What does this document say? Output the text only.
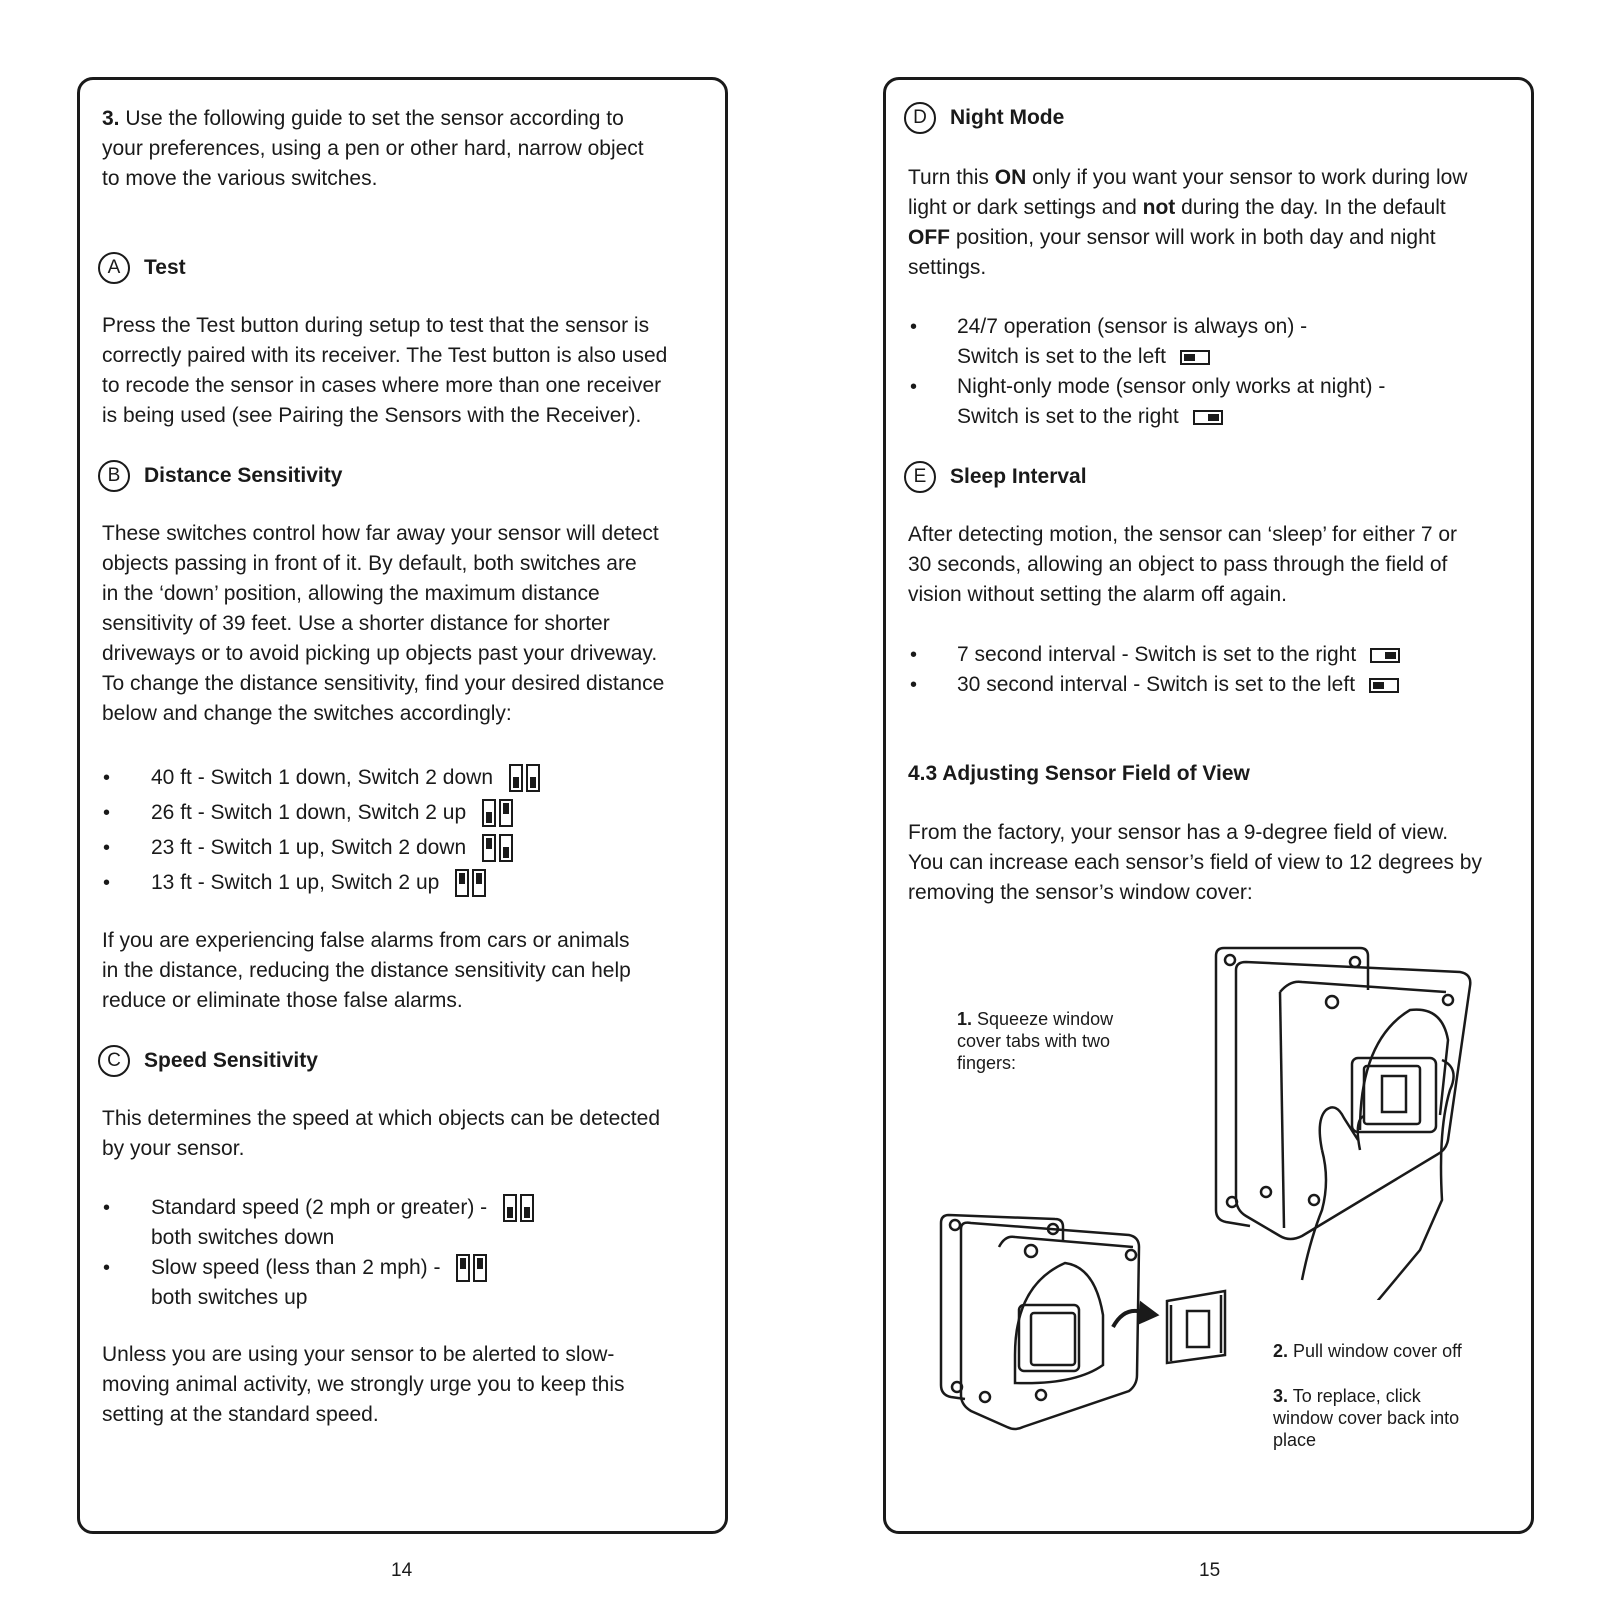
3. Use the following guide to set the sensor according to
your preferences, using a pen or other hard, narrow object
to move the various switches.
A	Test
Press the Test button during setup to test that the sensor is
correctly paired with its receiver. The Test button is also used
to recode the sensor in cases where more than one receiver
is being used (see Pairing the Sensors with the Receiver).
B	Distance Sensitivity
These switches control how far away your sensor will detect
objects passing in front of it. By default, both switches are
in the ‘down’ position, allowing the maximum distance
sensitivity of 39 feet. Use a shorter distance for shorter
driveways or to avoid picking up objects past your driveway.
To change the distance sensitivity, find your desired distance
below and change the switches accordingly:
• 40 ft - Switch 1 down, Switch 2 down
• 26 ft - Switch 1 down, Switch 2 up
• 23 ft - Switch 1 up, Switch 2 down
• 13 ft - Switch 1 up, Switch 2 up
If you are experiencing false alarms from cars or animals
in the distance, reducing the distance sensitivity can help
reduce or eliminate those false alarms.
C	Speed Sensitivity
This determines the speed at which objects can be detected
by your sensor.
• Standard speed (2 mph or greater) -
both switches down
• Slow speed (less than 2 mph) -
both switches up
Unless you are using your sensor to be alerted to slow-
moving animal activity, we strongly urge you to keep this
setting at the standard speed.
14
D	Night Mode
Turn this ON only if you want your sensor to work during low
light or dark settings and not during the day. In the default
OFF position, your sensor will work in both day and night
settings.
• 24/7 operation (sensor is always on) -
Switch is set to the left
• Night-only mode (sensor only works at night) -
Switch is set to the right
E	Sleep Interval
After detecting motion, the sensor can ‘sleep’ for either 7 or
30 seconds, allowing an object to pass through the field of
vision without setting the alarm off again.
• 7 second interval - Switch is set to the right
• 30 second interval - Switch is set to the left
4.3 Adjusting Sensor Field of View
From the factory, your sensor has a 9-degree field of view.
You can increase each sensor’s field of view to 12 degrees by
removing the sensor’s window cover:
1. Squeeze window
cover tabs with two
fingers:
2. Pull window cover off
3. To replace, click
window cover back into
place
15
